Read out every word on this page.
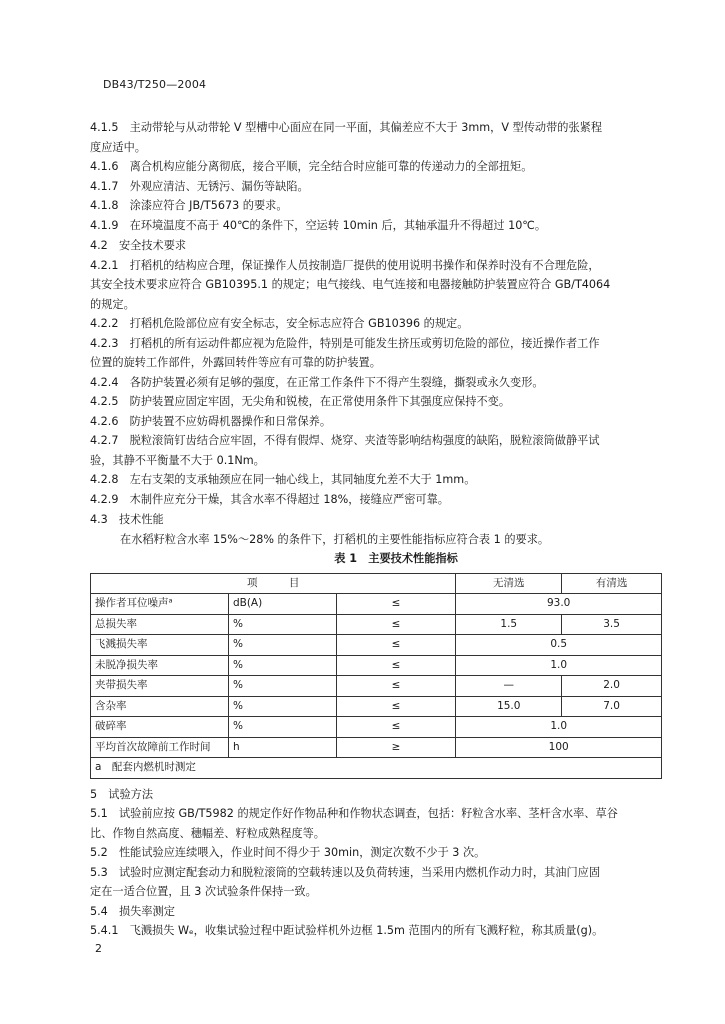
DB43/T250—2004
4.1.5　主动带轮与从动带轮 V 型槽中心面应在同一平面，其偏差应不大于 3mm，V 型传动带的张紧程
度应适中。
4.1.6　离合机构应能分离彻底，接合平顺，完全结合时应能可靠的传递动力的全部扭矩。
4.1.7　外观应清洁、无锈污、漏伤等缺陷。
4.1.8　涂漆应符合 JB/T5673 的要求。
4.1.9　在环境温度不高于 40℃的条件下，空运转 10min 后，其轴承温升不得超过 10℃。
4.2　安全技术要求
4.2.1　打稻机的结构应合理，保证操作人员按制造厂提供的使用说明书操作和保养时没有不合理危险，
其安全技术要求应符合 GB10395.1 的规定；电气接线、电气连接和电器接触防护装置应符合 GB/T4064
的规定。
4.2.2　打稻机危险部位应有安全标志，安全标志应符合 GB10396 的规定。
4.2.3　打稻机的所有运动件都应视为危险件，特别是可能发生挤压或剪切危险的部位，接近操作者工作
位置的旋转工作部件，外露回转件等应有可靠的防护装置。
4.2.4　各防护装置必须有足够的强度，在正常工作条件下不得产生裂缝，撕裂或永久变形。
4.2.5　防护装置应固定牢固，无尖角和锐棱，在正常使用条件下其强度应保持不变。
4.2.6　防护装置不应妨碍机器操作和日常保养。
4.2.7　脱粒滚筒钉齿结合应牢固，不得有假焊、烧穿、夹渣等影响结构强度的缺陷，脱粒滚筒做静平试
验，其静不平衡量不大于 0.1Nm。
4.2.8　左右支架的支承轴颈应在同一轴心线上，其同轴度允差不大于 1mm。
4.2.9　木制件应充分干燥，其含水率不得超过 18%，接缝应严密可靠。
4.3　技术性能
在水稻籽粒含水率 15%～28% 的条件下，打稻机的主要性能指标应符合表 1 的要求。
表 1　主要技术性能指标
项　　　目			无清选	有清选
操作者耳位噪声ᵃ	dB(A)	≤	93.0	
总损失率	%	≤	1.5	3.5
飞溅损失率	%	≤	0.5	
未脱净损失率	%	≤	1.0	
夹带损失率	%	≤	—	2.0
含杂率	%	≤	15.0	7.0
破碎率	%	≤	1.0	
平均首次故障前工作时间	h	≥	100	
a　配套内燃机时测定				
5　试验方法
5.1　试验前应按 GB/T5982 的规定作好作物品种和作物状态调查，包括：籽粒含水率、茎杆含水率、草谷
比、作物自然高度、穗幅差、籽粒成熟程度等。
5.2　性能试验应连续喂入，作业时间不得少于 30min，测定次数不少于 3 次。
5.3　试验时应测定配套动力和脱粒滚筒的空载转速以及负荷转速，当采用内燃机作动力时，其油门应固
定在一适合位置，且 3 次试验条件保持一致。
5.4　损失率测定
5.4.1　飞溅损失 Wₑ，收集试验过程中距试验样机外边框 1.5m 范围内的所有飞溅籽粒，称其质量(g)。
2
